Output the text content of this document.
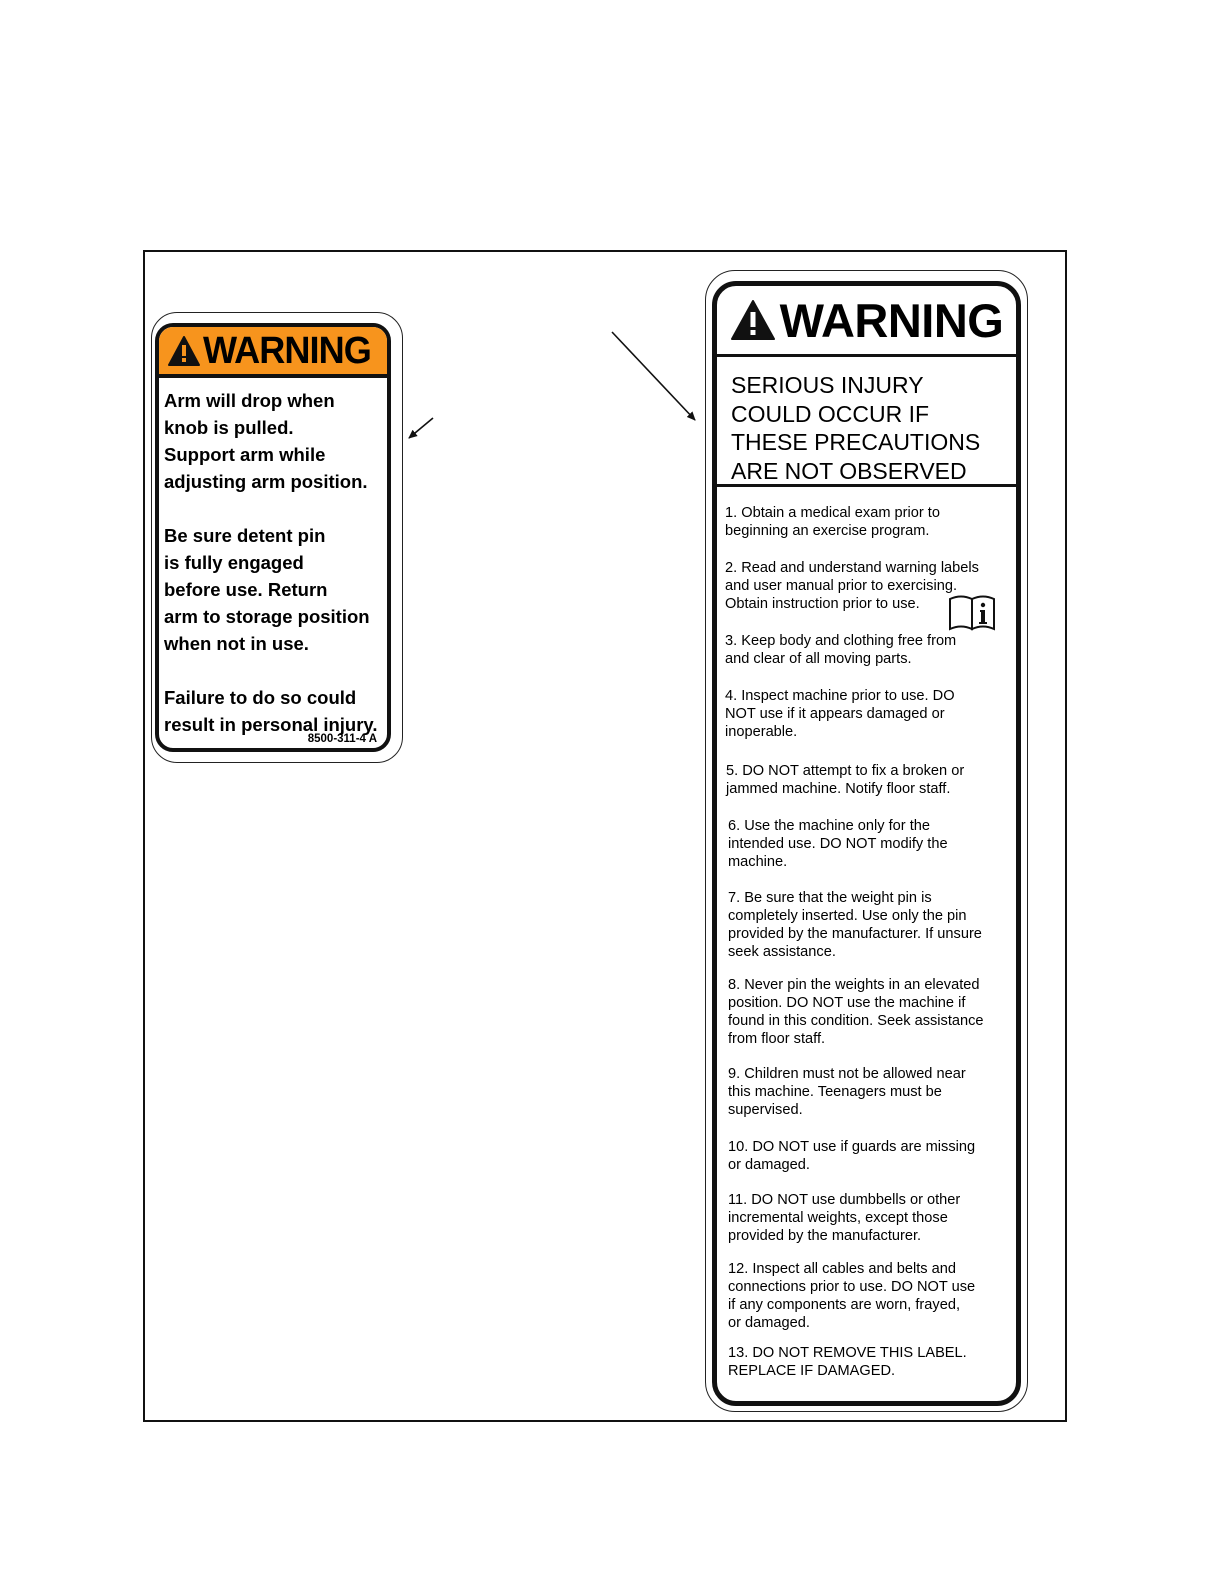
WARNING
Arm will drop when
knob is pulled.
Support arm while
adjusting arm position.
Be sure detent pin
is fully engaged
before use. Return
arm to storage position
when not in use.
Failure to do so could
result in personal injury.
8500-311-4 A
WARNING
SERIOUS INJURY
COULD OCCUR IF
THESE PRECAUTIONS
ARE NOT OBSERVED
1. Obtain a medical exam prior to
beginning an exercise program.
2. Read and understand warning labels
and user manual prior to exercising.
Obtain instruction prior to use.
3. Keep body and clothing free from
and clear of all moving parts.
4. Inspect machine prior to use. DO
NOT use if it appears damaged or
inoperable.
5. DO NOT attempt to fix a broken or
jammed machine. Notify floor staff.
6. Use the machine only for the
intended use. DO NOT modify the
machine.
7. Be sure that the weight pin is
completely inserted. Use only the pin
provided by the manufacturer. If unsure
seek assistance.
8. Never pin the weights in an elevated
position. DO NOT use the machine if
found in this condition. Seek assistance
from floor staff.
9. Children must not be allowed near
this machine. Teenagers must be
supervised.
10. DO NOT use if guards are missing
or damaged.
11. DO NOT use dumbbells or other
incremental weights, except those
provided by the manufacturer.
12. Inspect all cables and belts and
connections prior to use. DO NOT use
if any components are worn, frayed,
or damaged.
13. DO NOT REMOVE THIS LABEL.
REPLACE IF DAMAGED.
